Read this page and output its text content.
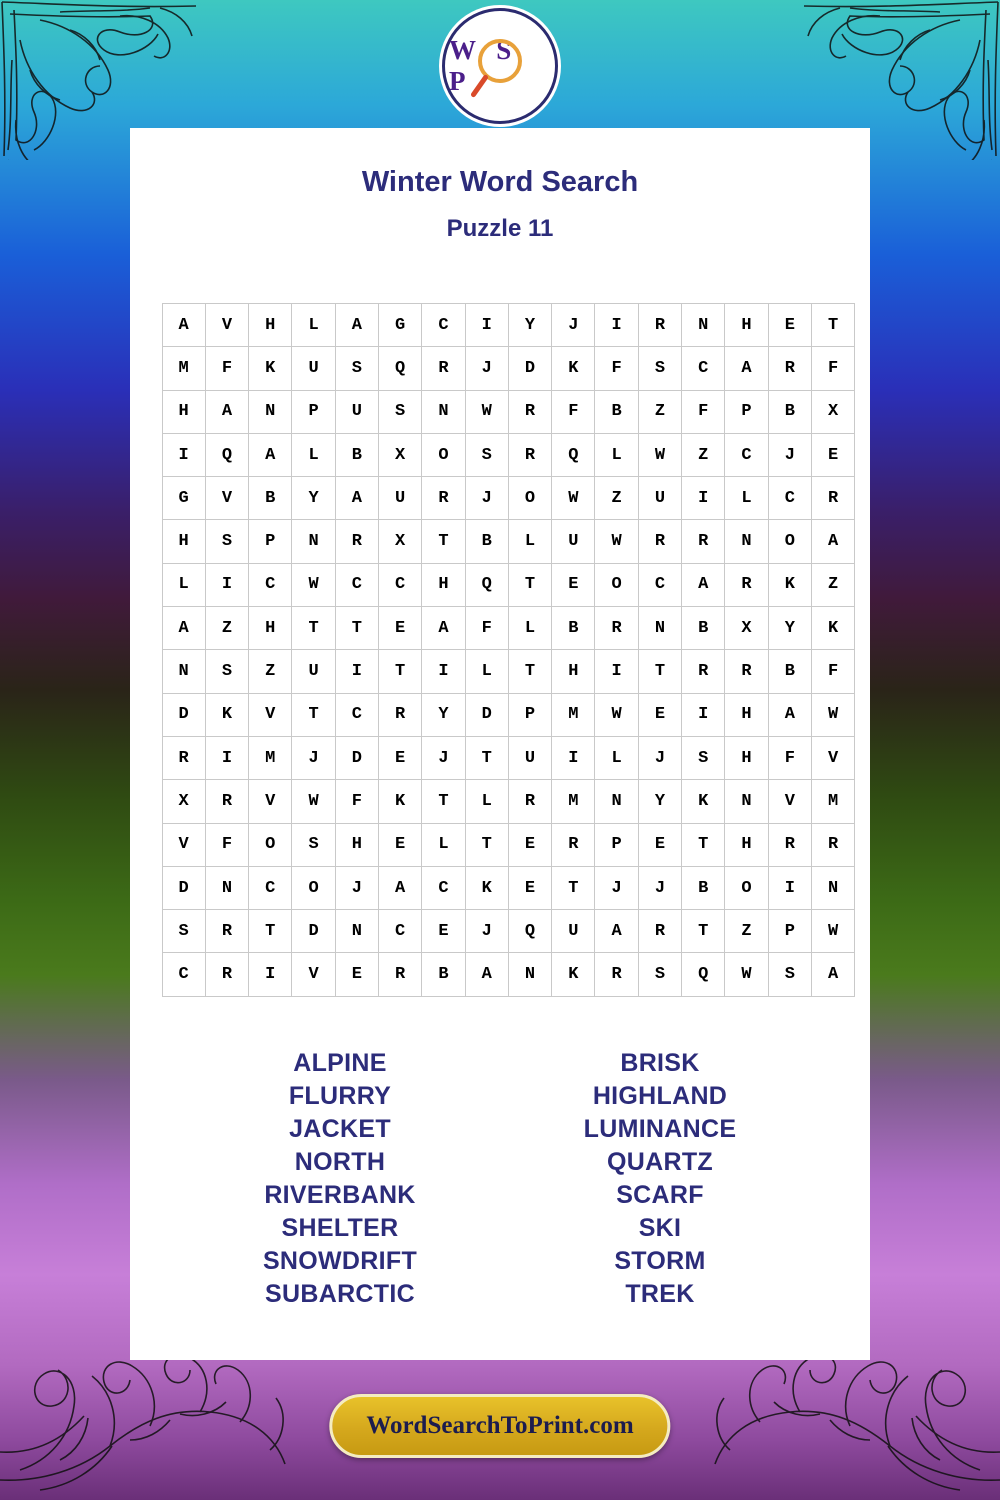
W S P
Winter Word Search
Puzzle 11
A	V	H	L	A	G	C	I	Y	J	I	R	N	H	E	T
M	F	K	U	S	Q	R	J	D	K	F	S	C	A	R	F
H	A	N	P	U	S	N	W	R	F	B	Z	F	P	B	X
I	Q	A	L	B	X	O	S	R	Q	L	W	Z	C	J	E
G	V	B	Y	A	U	R	J	O	W	Z	U	I	L	C	R
H	S	P	N	R	X	T	B	L	U	W	R	R	N	O	A
L	I	C	W	C	C	H	Q	T	E	O	C	A	R	K	Z
A	Z	H	T	T	E	A	F	L	B	R	N	B	X	Y	K
N	S	Z	U	I	T	I	L	T	H	I	T	R	R	B	F
D	K	V	T	C	R	Y	D	P	M	W	E	I	H	A	W
R	I	M	J	D	E	J	T	U	I	L	J	S	H	F	V
X	R	V	W	F	K	T	L	R	M	N	Y	K	N	V	M
V	F	O	S	H	E	L	T	E	R	P	E	T	H	R	R
D	N	C	O	J	A	C	K	E	T	J	J	B	O	I	N
S	R	T	D	N	C	E	J	Q	U	A	R	T	Z	P	W
C	R	I	V	E	R	B	A	N	K	R	S	Q	W	S	A
ALPINE
FLURRY
JACKET
NORTH
RIVERBANK
SHELTER
SNOWDRIFT
SUBARCTIC
BRISK
HIGHLAND
LUMINANCE
QUARTZ
SCARF
SKI
STORM
TREK
WordSearchToPrint.com
